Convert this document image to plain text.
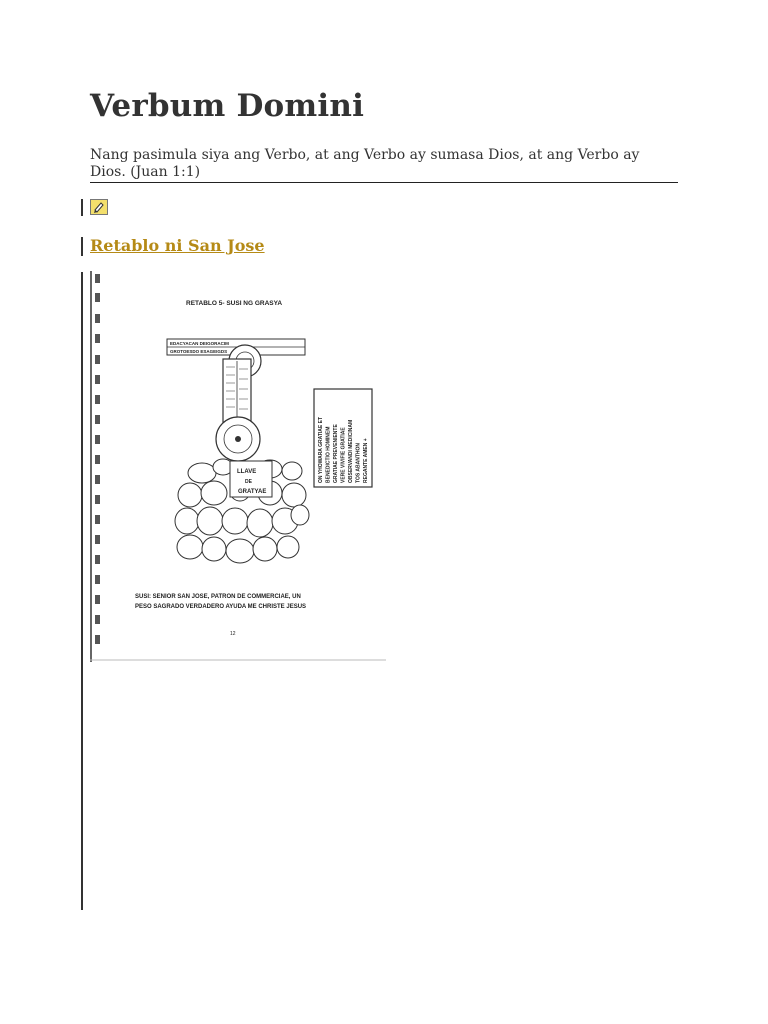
Verbum Domini
Nang pasimula siya ang Verbo, at ang Verbo ay sumasa Dios, at ang Verbo ay Dios. (Juan 1:1)
Retablo ni San Jose
RETABLO 5- SUSI NG GRASYA
EDACYACAN DEIGORACIM
GROTOESDO ESAGEIGDS
ON YHOWARA GRATIAE ET BENEDICTIO HOMINEM GRATIAE PREVENIENTE VERE VIVIFIE GRATIAE OBSERVANDI MEDICINAM TOS ABANTHON REGANTE AMEN +
LLAVE
DE
GRATYAE
SUSI: SENIOR SAN JOSE, PATRON DE COMMERCIAE, UN
PESO SAGRADO VERDADERO AYUDA ME CHRISTE JESUS
12
